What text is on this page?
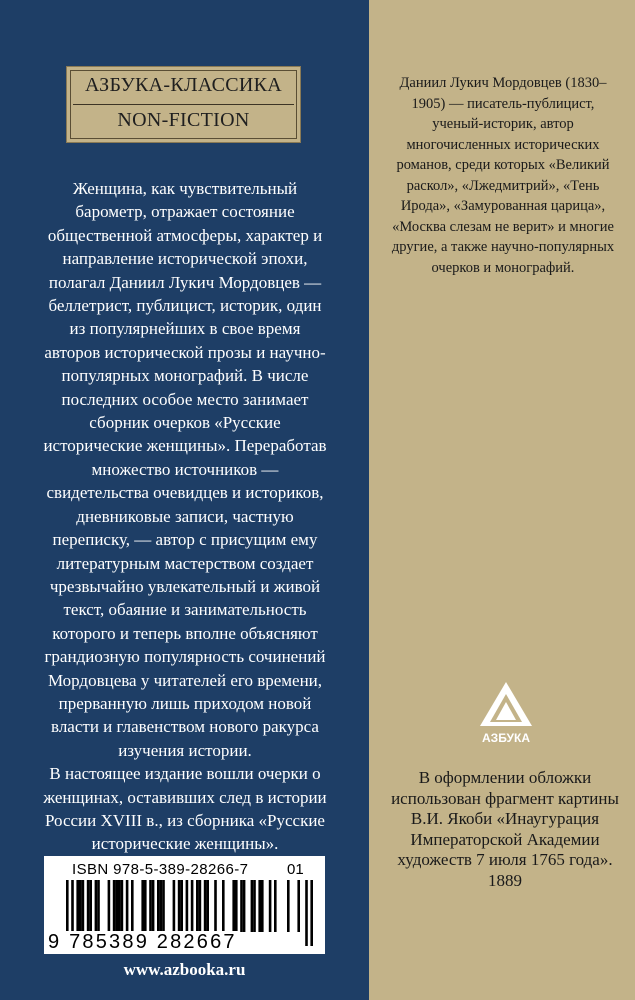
АЗБУКА-КЛАССИКА
NON-FICTION

Женщина, как чувствительный барометр, отражает состояние общественной атмосферы, характер и направление исторической эпохи, полагал Даниил Лукич Мордовцев — беллетрист, публицист, историк, один из популярнейших в свое время авторов исторической прозы и научно-популярных монографий. В числе последних особое место занимает сборник очерков «Русские исторические женщины». Переработав множество источников — свидетельства очевидцев и историков, дневниковые записи, частную переписку, — автор с присущим ему литературным мастерством создает чрезвычайно увлекательный и живой текст, обаяние и занимательность которого и теперь вполне объясняют грандиозную популярность сочинений Мордовцева у читателей его времени, прерванную лишь приходом новой власти и главенством нового ракурса изучения истории.
В настоящее издание вошли очерки о женщинах, оставивших след в истории России XVIII в., из сборника «Русские исторические женщины».

ISBN 978-5-389-28266-7	01
9 785389 282667
www.azbooka.ru

Даниил Лукич Мордовцев (1830–1905) — писатель-публицист, ученый-историк, автор многочисленных исторических романов, среди которых «Великий раскол», «Лжедмитрий», «Тень Ирода», «Замурованная царица», «Москва слезам не верит» и многие другие, а также научно-популярных очерков и монографий.

АЗБУКА

В оформлении обложки использован фрагмент картины В.И. Якоби «Инаугурация Императорской Академии художеств 7 июля 1765 года». 1889
